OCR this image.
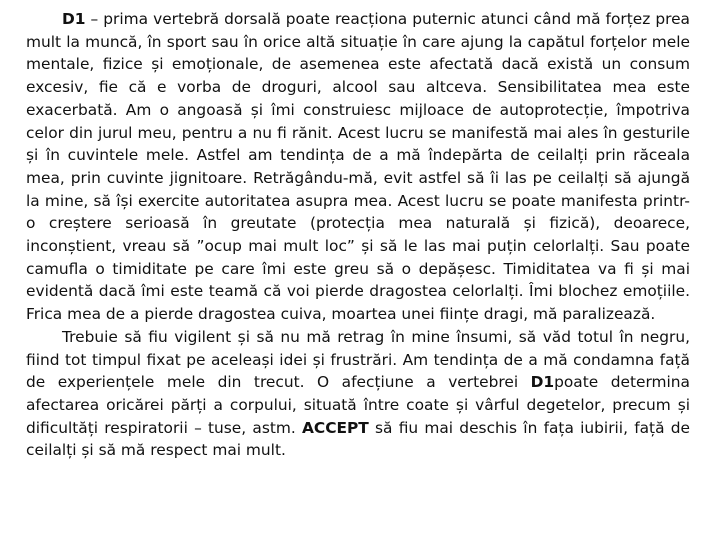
D1 – prima vertebră dorsală poate reacționa puternic atunci când mă forțez prea mult la muncă, în sport sau în orice altă situație în care ajung la capătul forțelor mele mentale, fizice și emoționale, de asemenea este afectată dacă există un consum excesiv, fie că e vorba de droguri, alcool sau altceva. Sensibilitatea mea este exacerbată. Am o angoasă și îmi construiesc mijloace de autoprotecție, împotriva celor din jurul meu, pentru a nu fi rănit. Acest lucru se manifestă mai ales în gesturile și în cuvintele mele. Astfel am tendința de a mă îndepărta de ceilalți prin răceala mea, prin cuvinte jignitoare. Retrăgându-mă, evit astfel să îi las pe ceilalți să ajungă la mine, să își exercite autoritatea asupra mea. Acest lucru se poate manifesta printr-o creștere serioasă în greutate (protecția mea naturală și fizică), deoarece, inconștient, vreau să ”ocup mai mult loc” și să le las mai puțin celorlalți. Sau poate camufla o timiditate pe care îmi este greu să o depășesc. Timiditatea va fi și mai evidentă dacă îmi este teamă că voi pierde dragostea celorlalți. Îmi blochez emoțiile. Frica mea de a pierde dragostea cuiva, moartea unei ființe dragi, mă paralizează.

Trebuie să fiu vigilent și să nu mă retrag în mine însumi, să văd totul în negru, fiind tot timpul fixat pe aceleași idei și frustrări. Am tendința de a mă condamna față de experiențele mele din trecut. O afecțiune a vertebrei D1poate determina afectarea oricărei părți a corpului, situată între coate și vârful degetelor, precum și dificultăți respiratorii – tuse, astm. ACCEPT să fiu mai deschis în fața iubirii, față de ceilalți și să mă respect mai mult.
